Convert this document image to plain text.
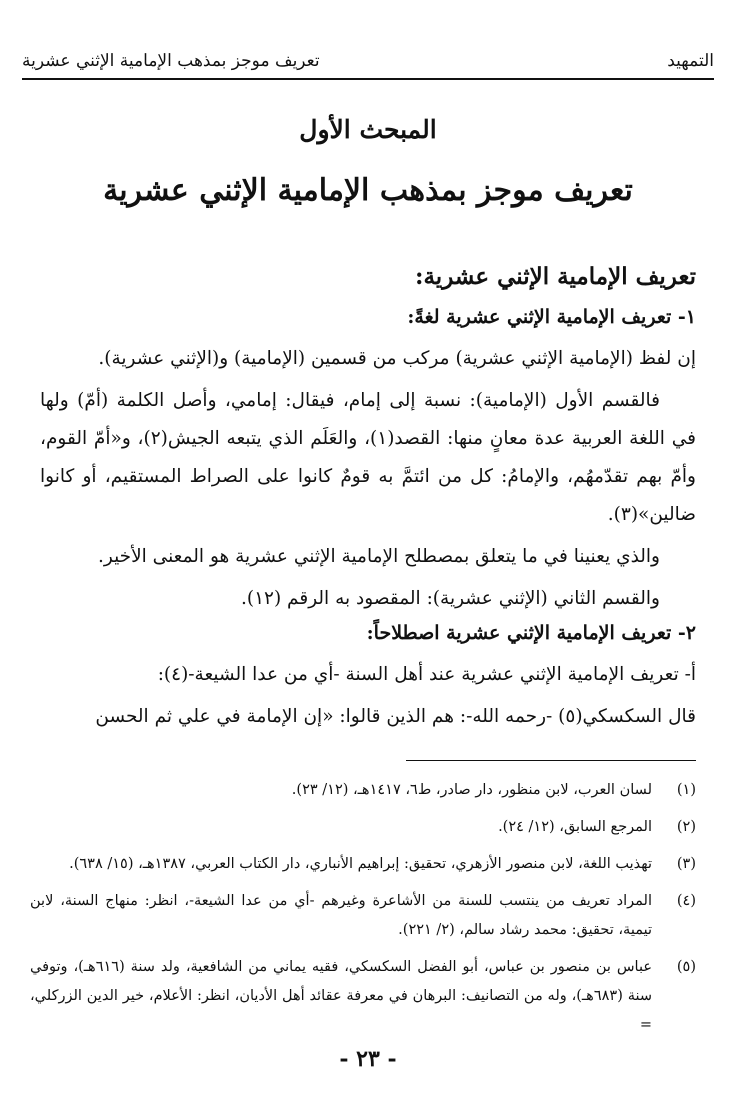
التمهيد
تعريف موجز بمذهب الإمامية الإثني عشرية
المبحث الأول
تعريف موجز بمذهب الإمامية الإثني عشرية
تعريف الإمامية الإثني عشرية:
١- تعريف الإمامية الإثني عشرية لغةً:

إن لفظ (الإمامية الإثني عشرية) مركب من قسمين (الإمامية) و(الإثني عشرية).

فالقسم الأول (الإمامية): نسبة إلى إمام، فيقال: إمامي، وأصل الكلمة (أمّ) ولها في اللغة العربية عدة معانٍ منها: القصد(١)، والعَلَم الذي يتبعه الجيش(٢)، و«أمّ القوم، وأمّ بهم تقدّمهُم، والإمامُ: كل من ائتمَّ به قومٌ كانوا على الصراط المستقيم، أو كانوا ضالين»(٣).

والذي يعنينا في ما يتعلق بمصطلح الإمامية الإثني عشرية هو المعنى الأخير.

والقسم الثاني (الإثني عشرية): المقصود به الرقم (١٢).

٢- تعريف الإمامية الإثني عشرية اصطلاحاً:

أ- تعريف الإمامية الإثني عشرية عند أهل السنة -أي من عدا الشيعة-(٤):

قال السكسكي(٥) -رحمه الله-: هم الذين قالوا: «إن الإمامة في علي ثم الحسن

(١)
لسان العرب، لابن منظور، دار صادر، ط٦، ١٤١٧هـ، (١٢/ ٢٣).
(٢)
المرجع السابق، (١٢/ ٢٤).
(٣)
تهذيب اللغة، لابن منصور الأزهري، تحقيق: إبراهيم الأنباري، دار الكتاب العربي، ١٣٨٧هـ، (١٥/ ٦٣٨).
(٤)
المراد تعريف من ينتسب للسنة من الأشاعرة وغيرهم -أي من عدا الشيعة-، انظر: منهاج السنة، لابن تيمية، تحقيق: محمد رشاد سالم، (٢/ ٢٢١).
(٥)
عباس بن منصور بن عباس، أبو الفضل السكسكي، فقيه يماني من الشافعية، ولد سنة (٦١٦هـ)، وتوفي سنة (٦٨٣هـ)، وله من التصانيف: البرهان في معرفة عقائد أهل الأديان، انظر: الأعلام، خير الدين الزركلي، =
- ٢٣ -
